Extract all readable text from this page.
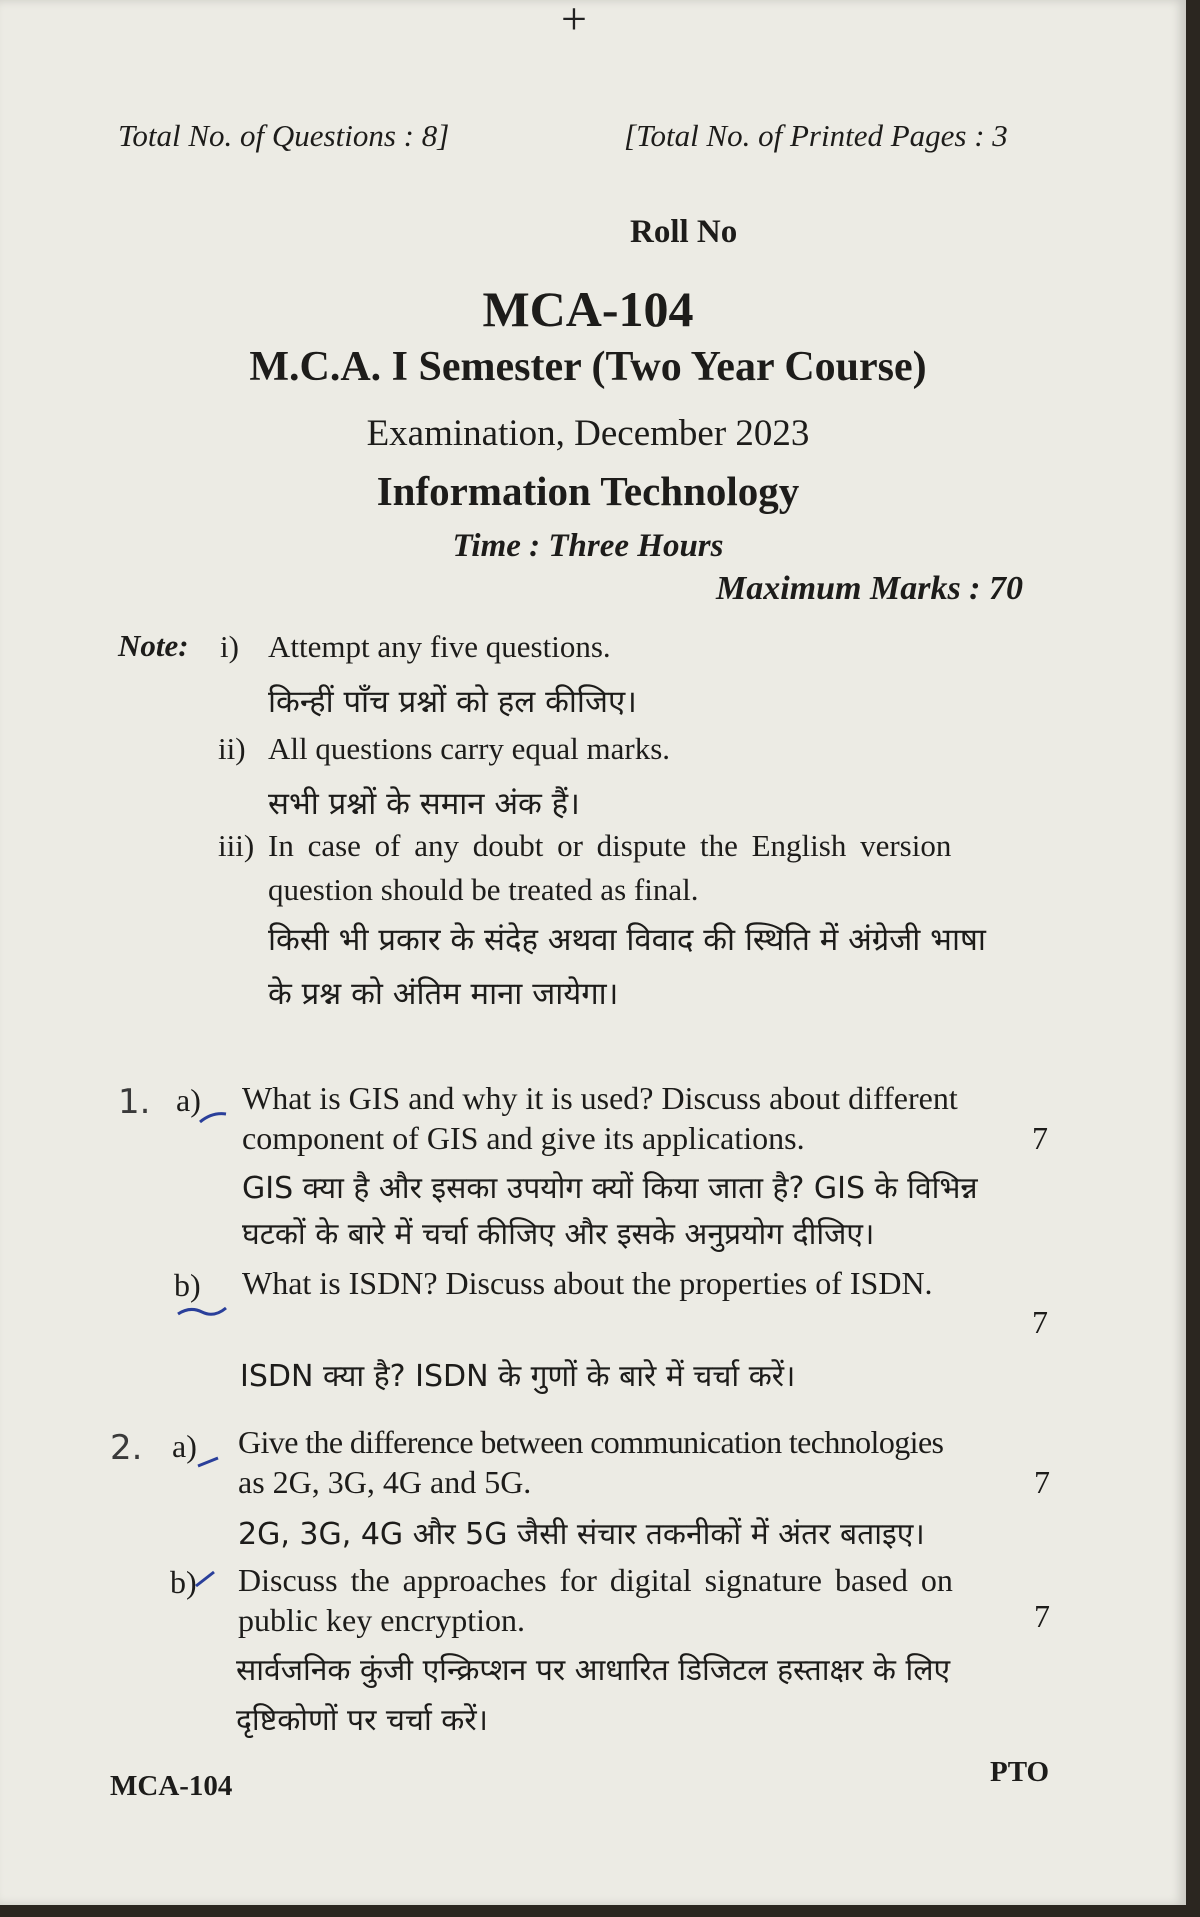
+
Total No. of Questions : 8]	[Total No. of Printed Pages : 3
Roll No
MCA-104
M.C.A. I Semester (Two Year Course)
Examination, December 2023
Information Technology
Time : Three Hours
Maximum Marks : 70
Note: i) Attempt any five questions.
किन्हीं पाँच प्रश्नों को हल कीजिए।
ii) All questions carry equal marks.
सभी प्रश्नों के समान अंक हैं।
iii) In case of any doubt or dispute the English version
question should be treated as final.
किसी भी प्रकार के संदेह अथवा विवाद की स्थिति में अंग्रेजी भाषा
के प्रश्न को अंतिम माना जायेगा।
1. a) What is GIS and why it is used? Discuss about different
component of GIS and give its applications.	7
GIS क्या है और इसका उपयोग क्यों किया जाता है? GIS के विभिन्न
घटकों के बारे में चर्चा कीजिए और इसके अनुप्रयोग दीजिए।
b) What is ISDN? Discuss about the properties of ISDN.
7
ISDN क्या है? ISDN के गुणों के बारे में चर्चा करें।
2. a) Give the difference between communication technologies
as 2G, 3G, 4G and 5G.	7
2G, 3G, 4G और 5G जैसी संचार तकनीकों में अंतर बताइए।
b) Discuss the approaches for digital signature based on
public key encryption.	7
सार्वजनिक कुंजी एन्क्रिप्शन पर आधारित डिजिटल हस्ताक्षर के लिए
दृष्टिकोणों पर चर्चा करें।
MCA-104	PTO
